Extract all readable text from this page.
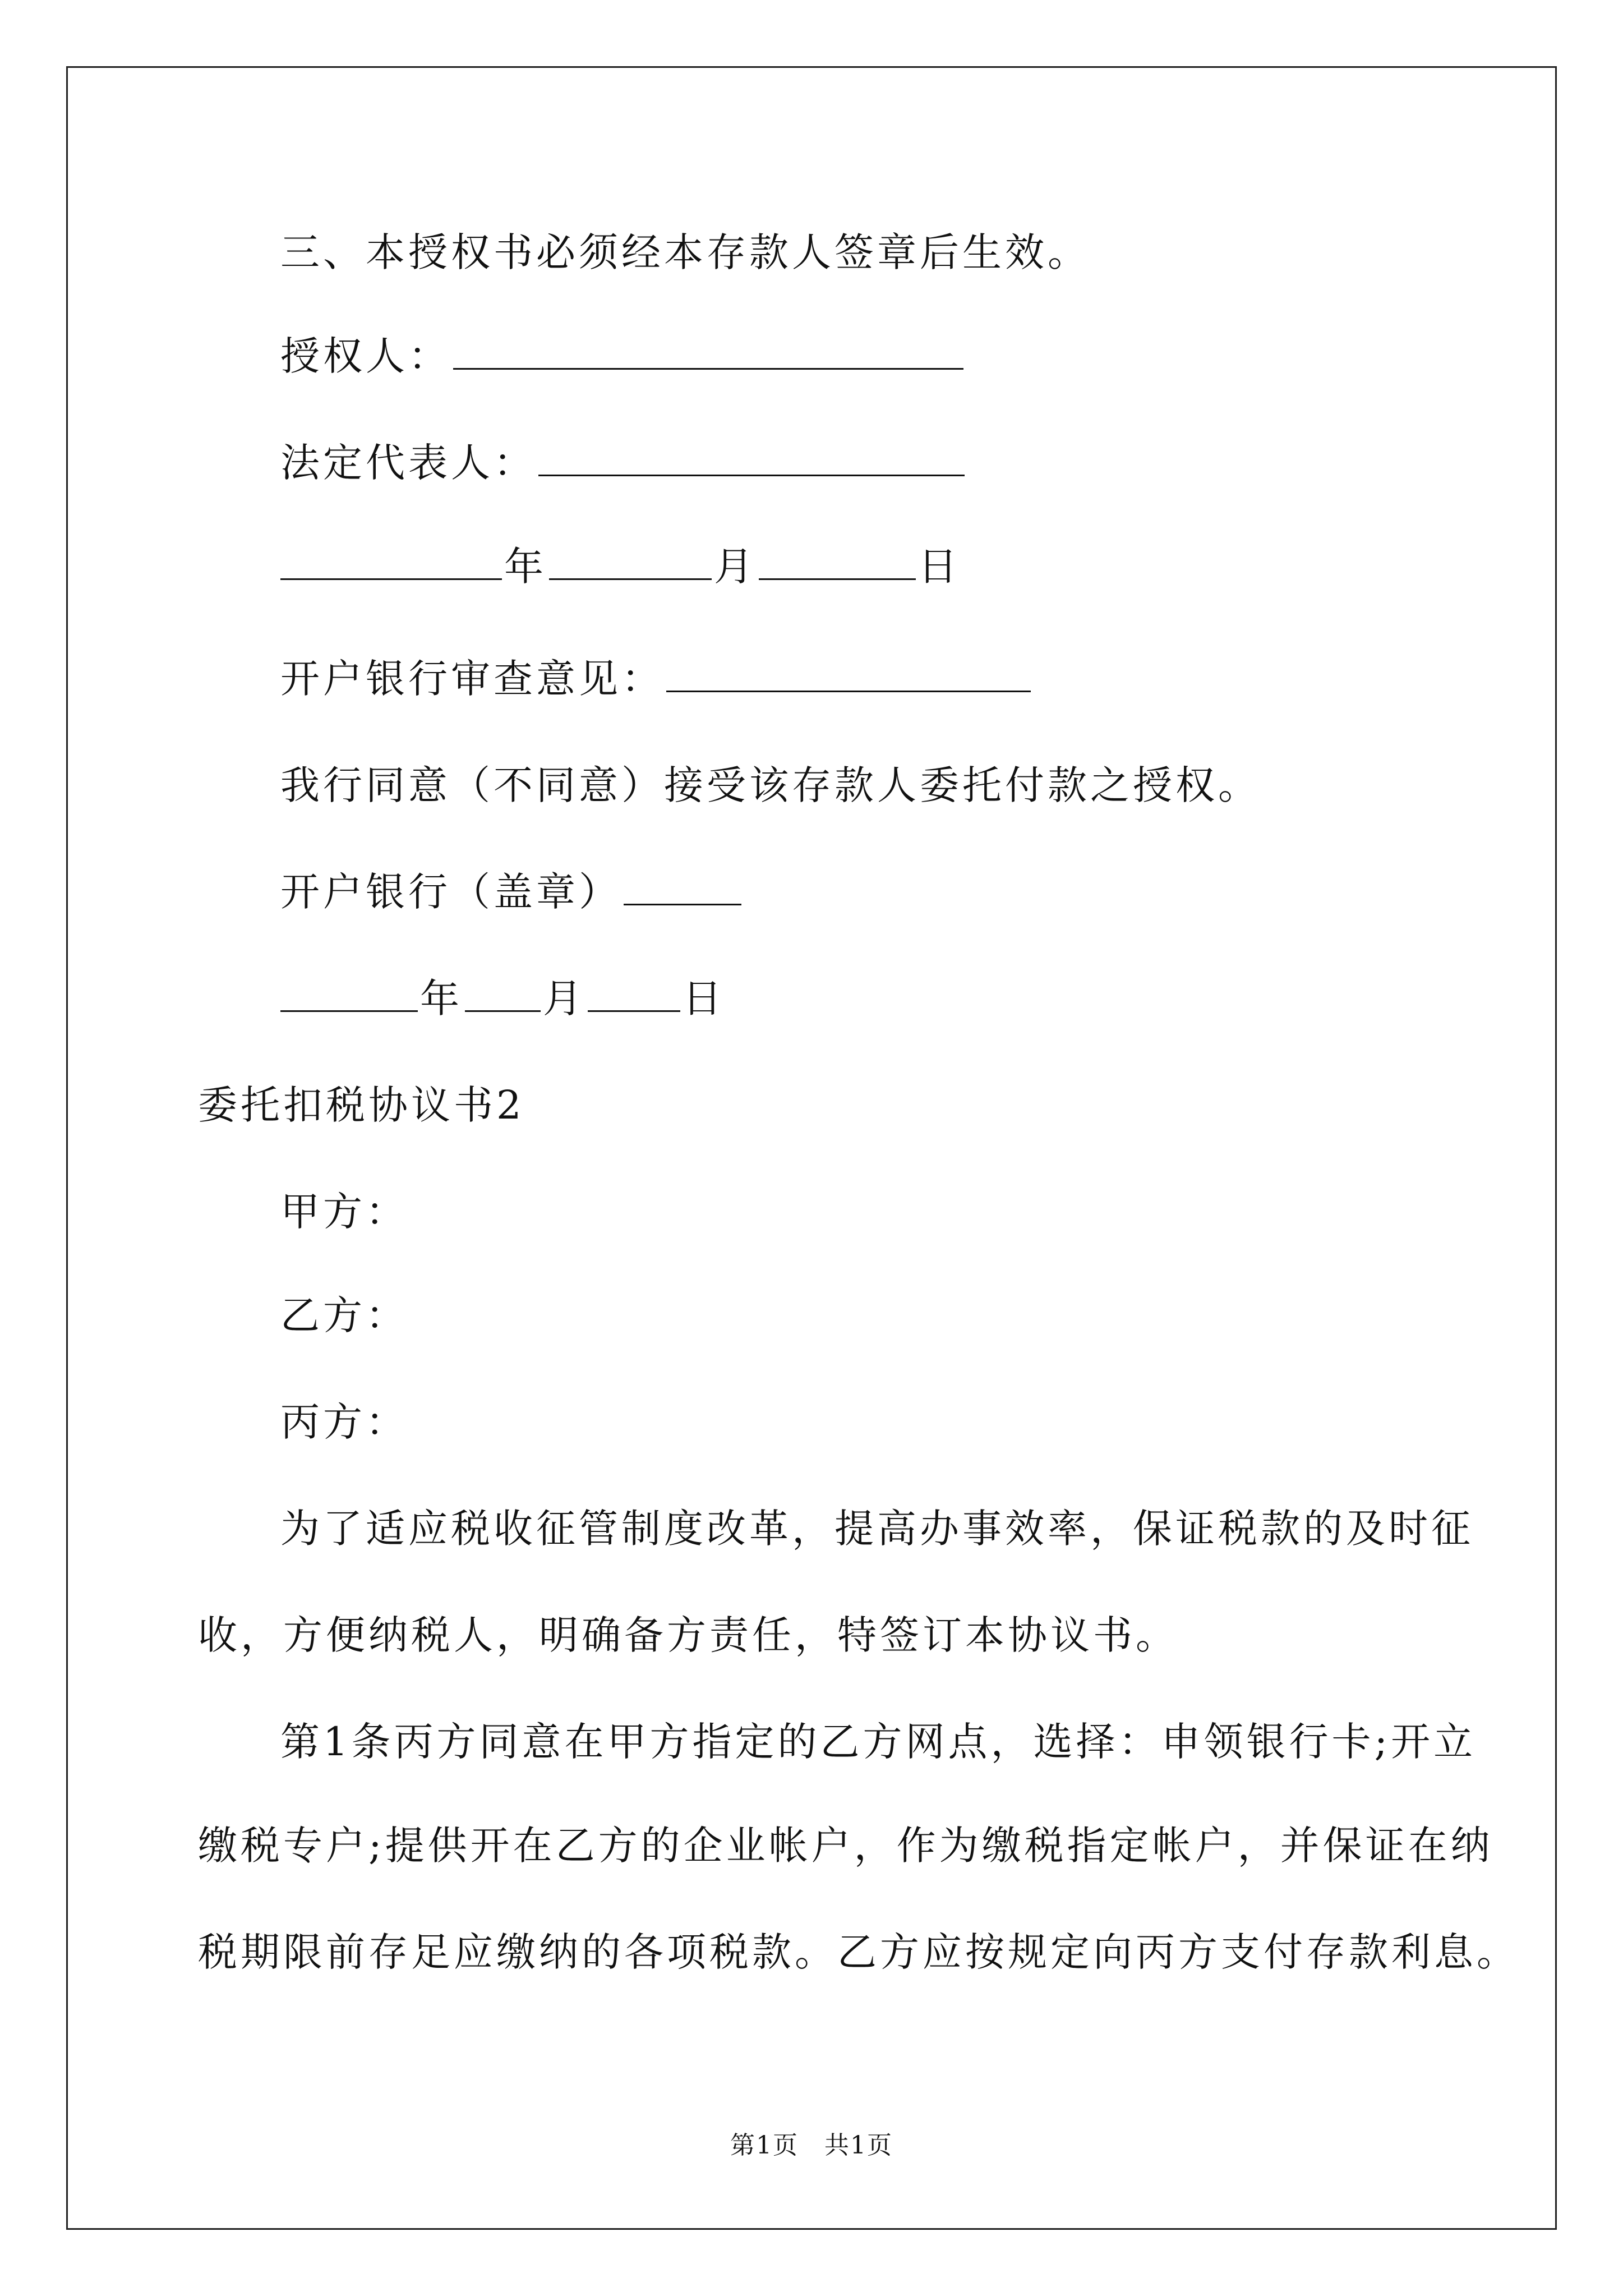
三、本授权书必须经本存款人签章后生效。
授权人：
法定代表人：
年	月	日
开户银行审查意见：
我行同意（不同意）接受该存款人委托付款之授权。
开户银行（盖章）
年 月 日
委托扣税协议书2
甲方：
乙方：
丙方：
为了适应税收征管制度改革，提高办事效率，保证税款的及时征
收，方便纳税人，明确备方责任，特签订本协议书。
第1条丙方同意在甲方指定的乙方网点，选择：申领银行卡;开立
缴税专户;提供开在乙方的企业帐户，作为缴税指定帐户，并保证在纳
税期限前存足应缴纳的各项税款。乙方应按规定向丙方支付存款利息。
第1页　共1页
